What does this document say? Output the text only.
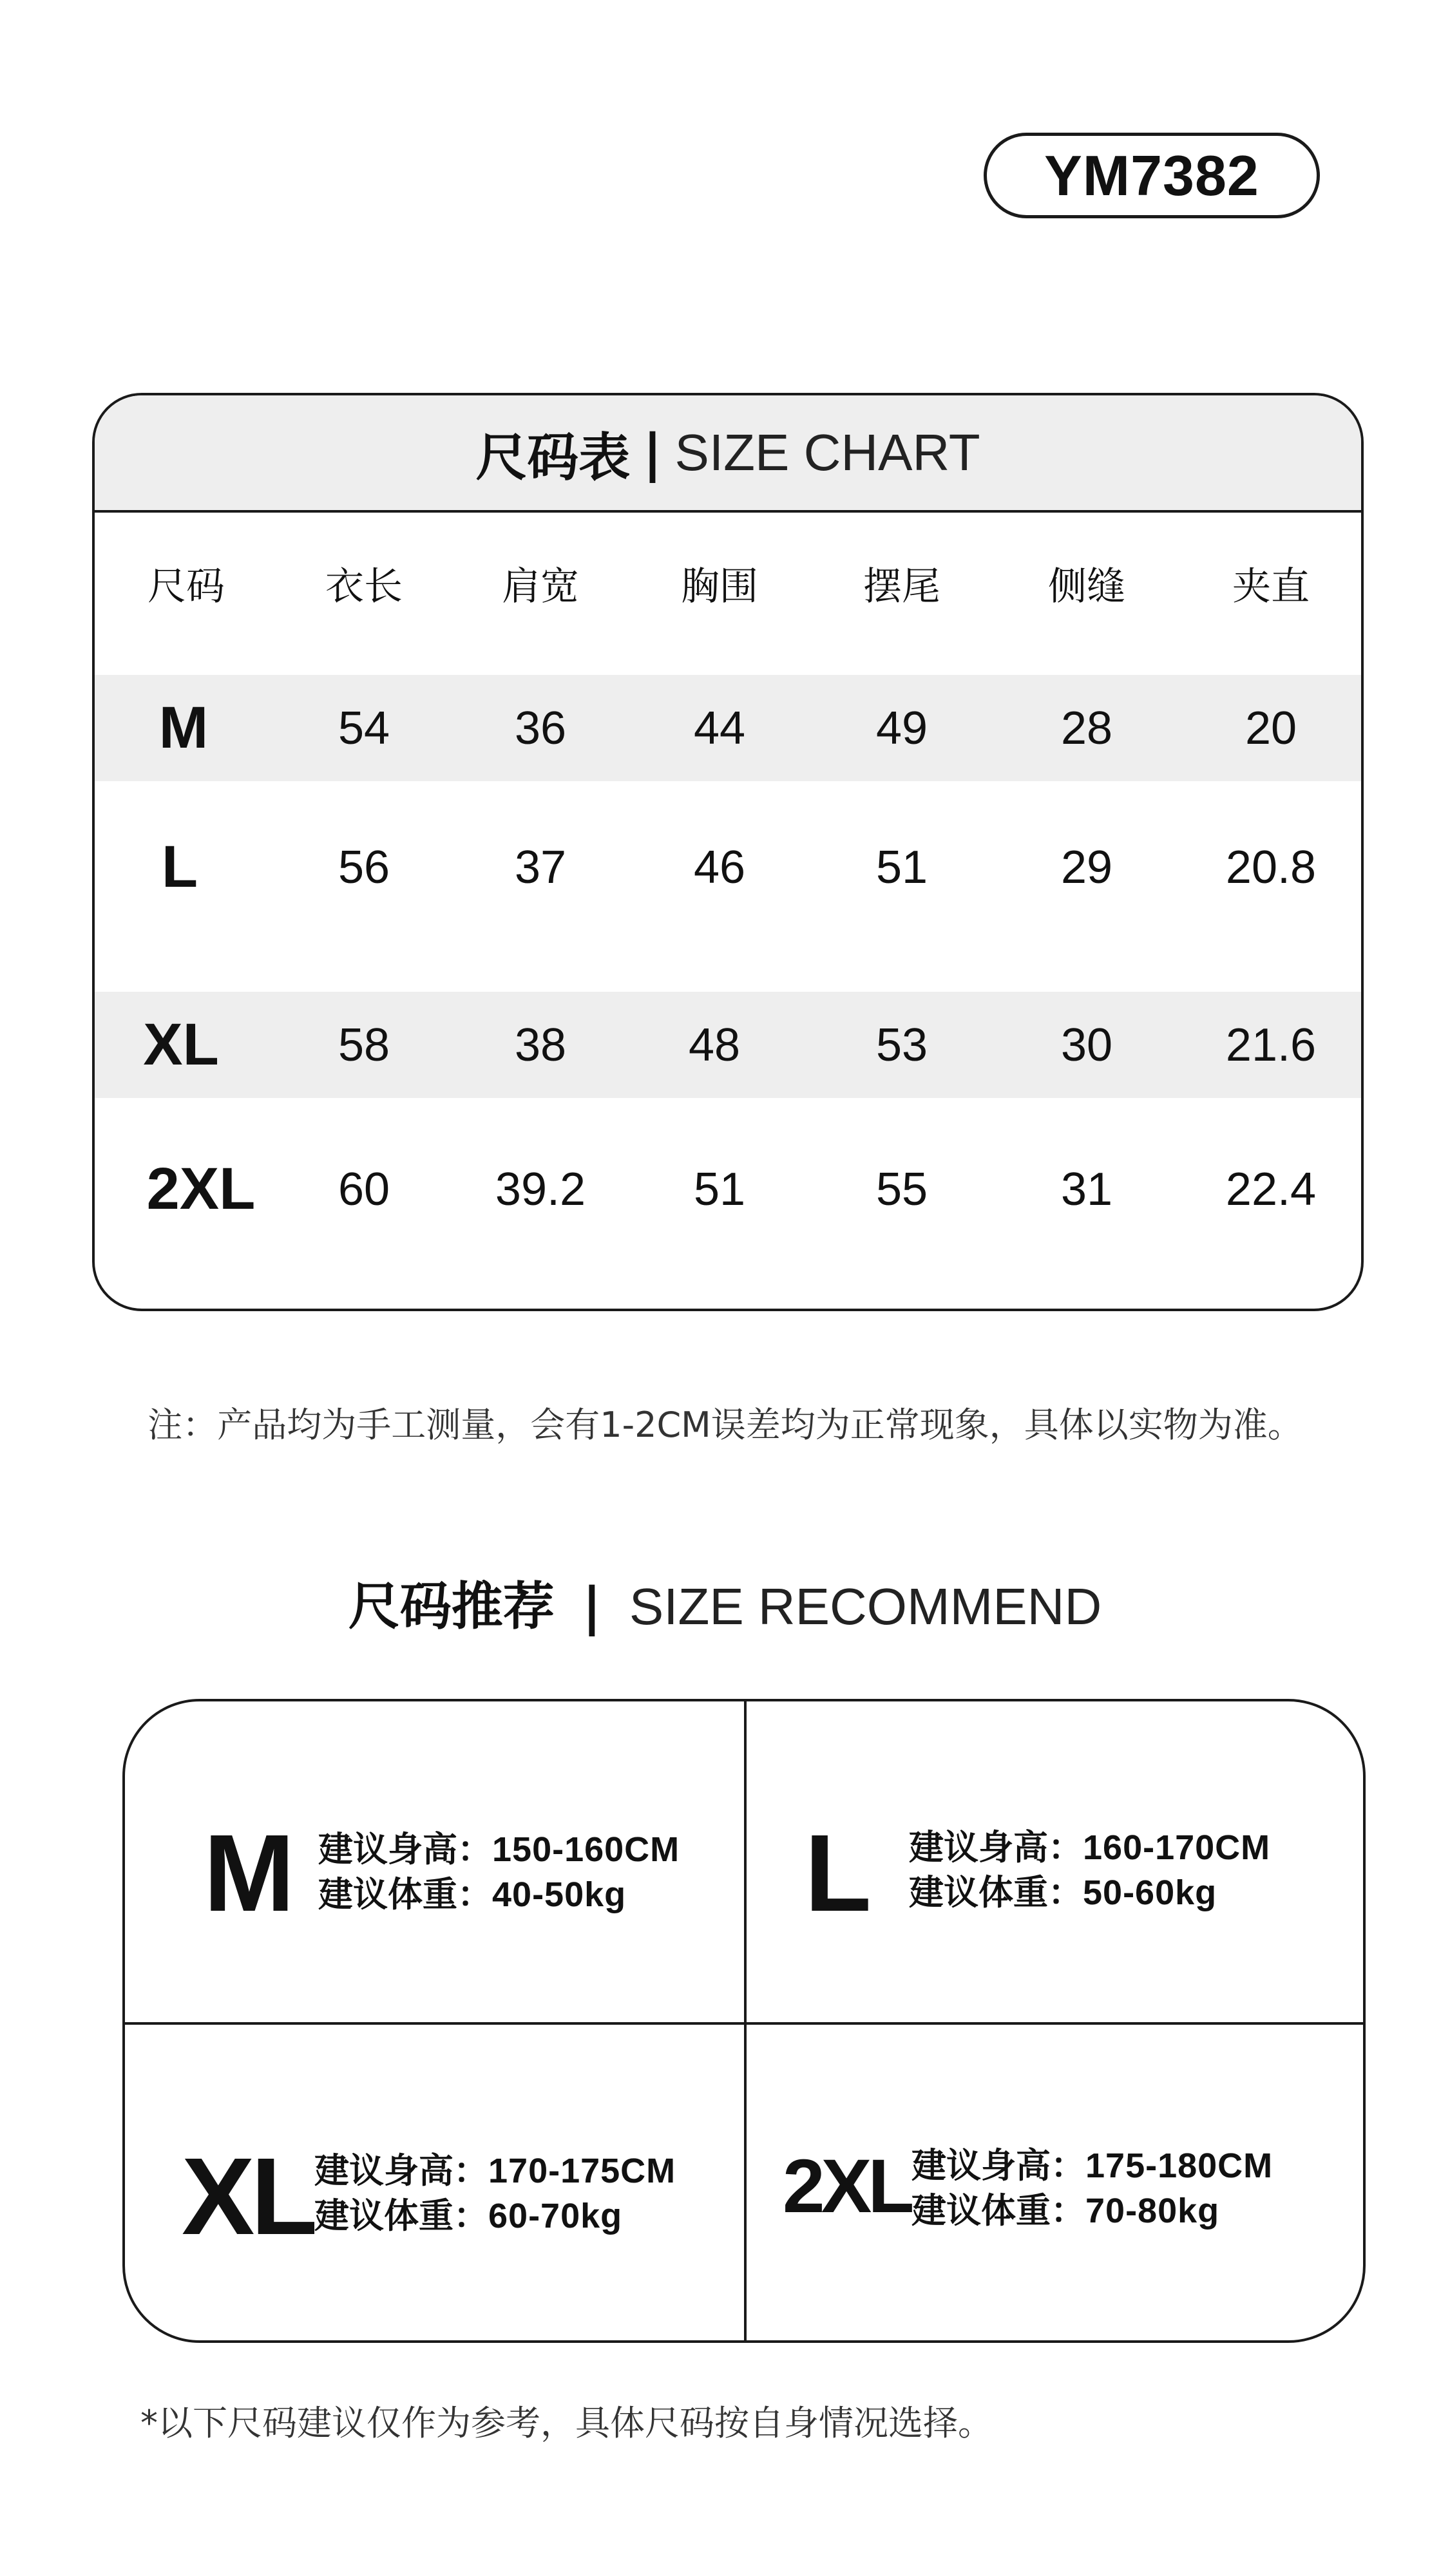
YM7382
尺码表 | SIZE CHART
尺码	衣长	肩宽	胸围	摆尾	侧缝	夹直
M	54	36	44	49	28	20
L	56	37	46	51	29 20.8
XL	58	38	48	53	30 21.6
2XL 60 39.2 51	55	31 22.4
注：产品均为手工测量，会有1-2CM误差均为正常现象，具体以实物为准。
尺码推荐 | SIZE RECOMMEND
M 建议身高：150-160CM
建议体重：40-50kg	L 建议身高：160-170CM
建议体重：50-60kg
XL 建议身高：170-175CM
建议体重：60-70kg	2XL 建议身高：175-180CM
建议体重：70-80kg
*以下尺码建议仅作为参考，具体尺码按自身情况选择。
